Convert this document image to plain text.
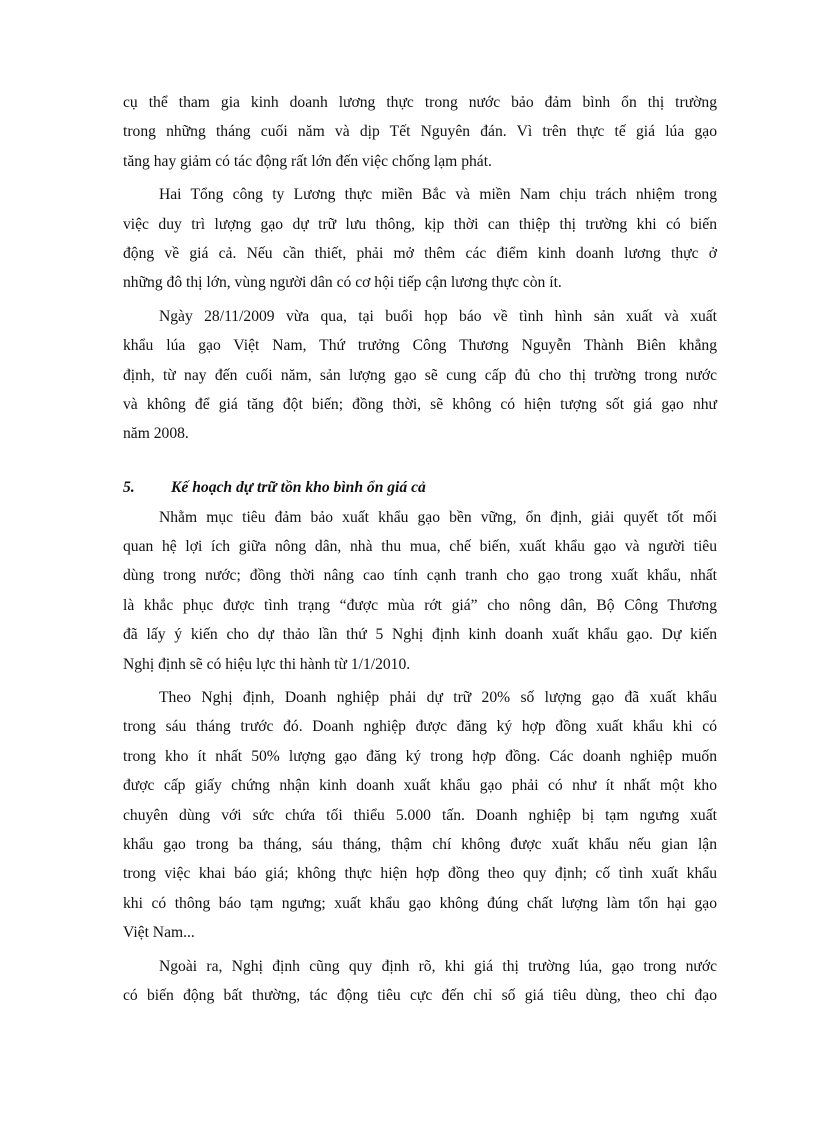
cụ thể tham gia kinh doanh lương thực trong nước bảo đảm bình ổn thị trường
trong những tháng cuối năm và dịp Tết Nguyên đán. Vì trên thực tế giá lúa gạo
tăng hay giảm có tác động rất lớn đến việc chống lạm phát.
Hai Tổng công ty Lương thực miền Bắc và miền Nam chịu trách nhiệm trong
việc duy trì lượng gạo dự trữ lưu thông, kịp thời can thiệp thị trường khi có biến
động về giá cả. Nếu cần thiết, phải mở thêm các điểm kinh doanh lương thực ở
những đô thị lớn, vùng người dân có cơ hội tiếp cận lương thực còn ít.
Ngày 28/11/2009 vừa qua, tại buổi họp báo về tình hình sản xuất và xuất
khẩu lúa gạo Việt Nam, Thứ trưởng Công Thương Nguyễn Thành Biên khẳng
định, từ nay đến cuối năm, sản lượng gạo sẽ cung cấp đủ cho thị trường trong nước
và không để giá tăng đột biến; đồng thời, sẽ không có hiện tượng sốt giá gạo như
năm 2008.
5. Kế hoạch dự trữ tồn kho bình ổn giá cả
Nhằm mục tiêu đảm bảo xuất khẩu gạo bền vững, ổn định, giải quyết tốt mối
quan hệ lợi ích giữa nông dân, nhà thu mua, chế biến, xuất khẩu gạo và người tiêu
dùng trong nước; đồng thời nâng cao tính cạnh tranh cho gạo trong xuất khẩu, nhất
là khắc phục được tình trạng “được mùa rớt giá” cho nông dân, Bộ Công Thương
đã lấy ý kiến cho dự thảo lần thứ 5 Nghị định kinh doanh xuất khẩu gạo. Dự kiến
Nghị định sẽ có hiệu lực thi hành từ 1/1/2010.
Theo Nghị định, Doanh nghiệp phải dự trữ 20% số lượng gạo đã xuất khẩu
trong sáu tháng trước đó. Doanh nghiệp được đăng ký hợp đồng xuất khẩu khi có
trong kho ít nhất 50% lượng gạo đăng ký trong hợp đồng. Các doanh nghiệp muốn
được cấp giấy chứng nhận kinh doanh xuất khẩu gạo phải có như ít nhất một kho
chuyên dùng với sức chứa tối thiểu 5.000 tấn. Doanh nghiệp bị tạm ngưng xuất
khẩu gạo trong ba tháng, sáu tháng, thậm chí không được xuất khẩu nếu gian lận
trong việc khai báo giá; không thực hiện hợp đồng theo quy định; cố tình xuất khẩu
khi có thông báo tạm ngưng; xuất khẩu gạo không đúng chất lượng làm tổn hại gạo
Việt Nam...
Ngoài ra, Nghị định cũng quy định rõ, khi giá thị trường lúa, gạo trong nước
có biến động bất thường, tác động tiêu cực đến chỉ số giá tiêu dùng, theo chỉ đạo
